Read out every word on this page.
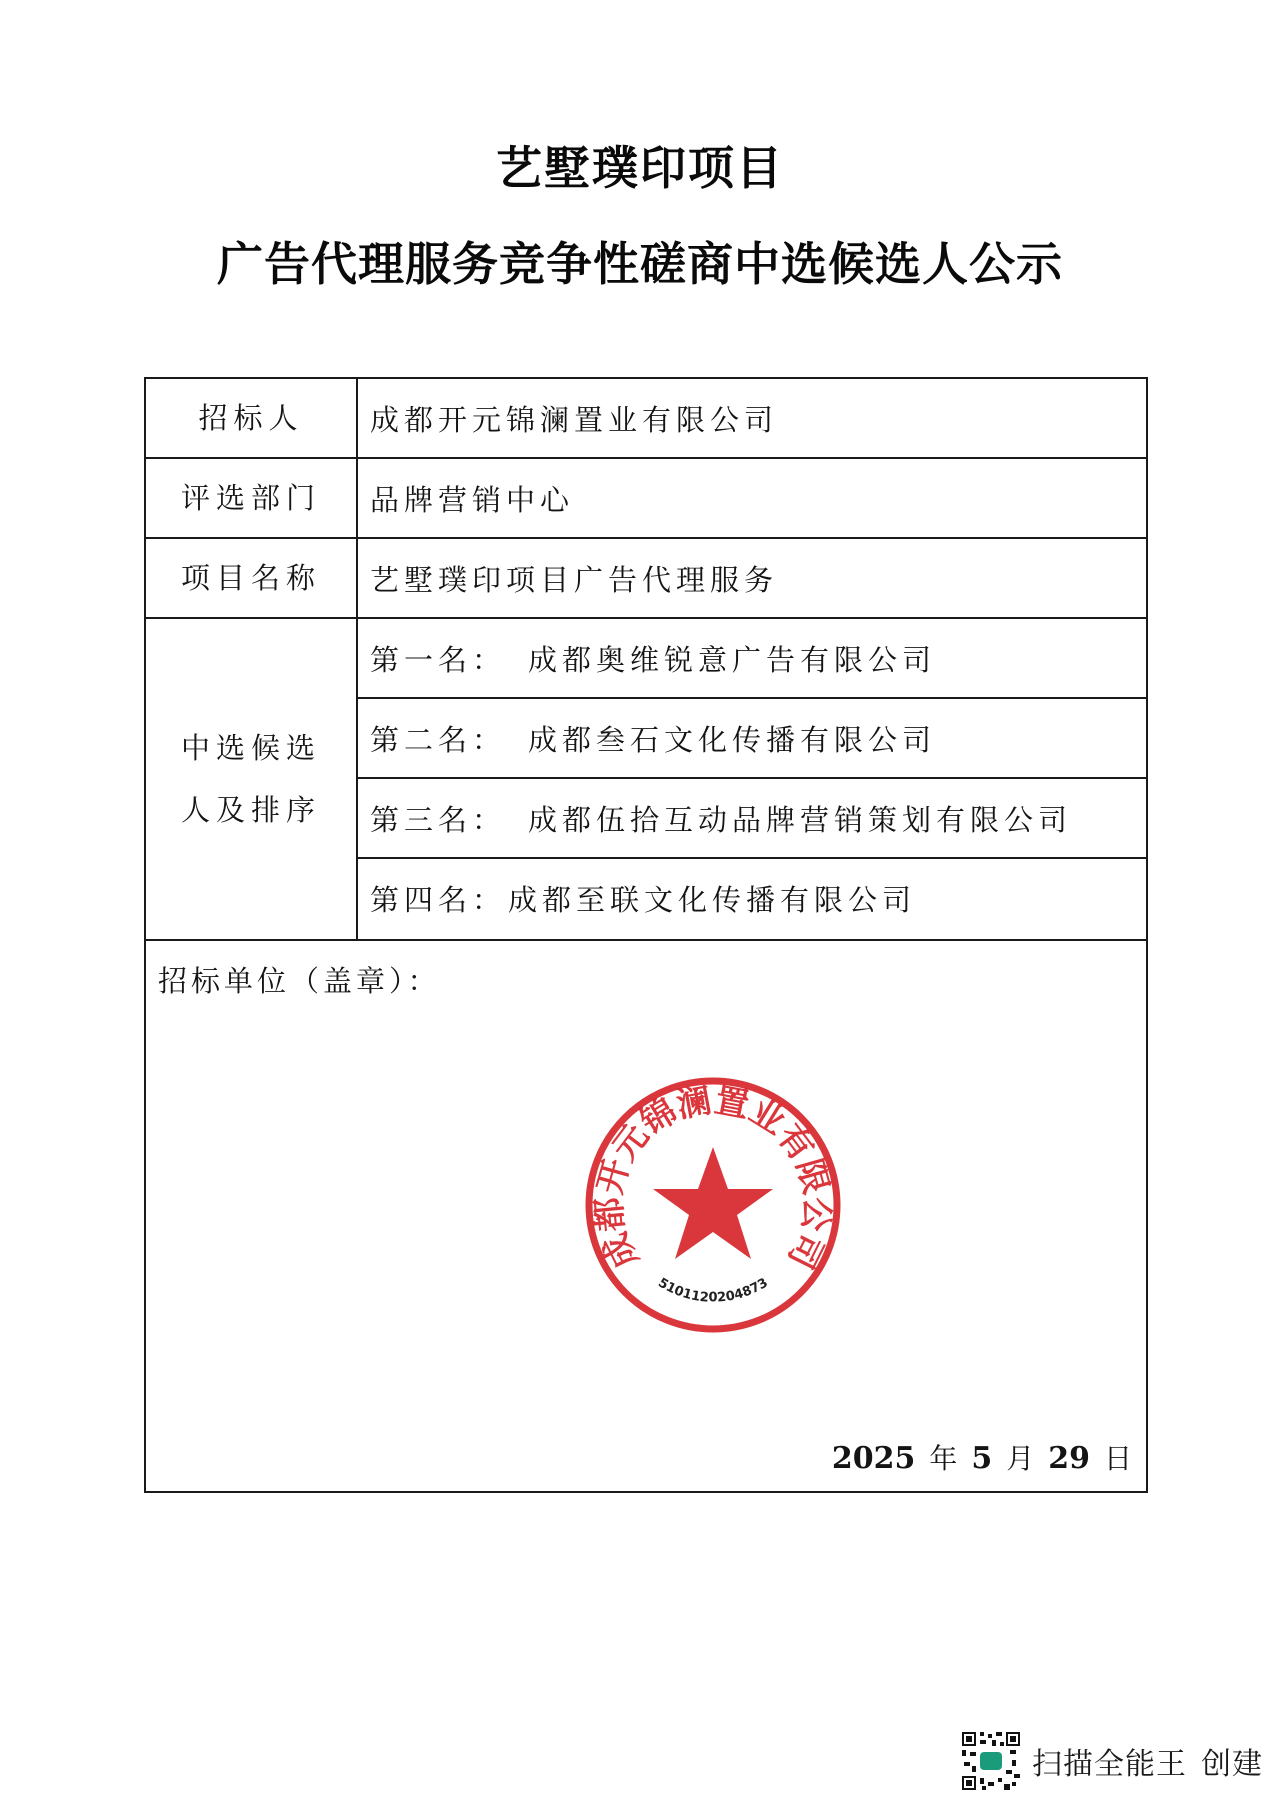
艺墅璞印项目
广告代理服务竞争性磋商中选候选人公示
招标人	成都开元锦澜置业有限公司
评选部门	品牌营销中心
项目名称	艺墅璞印项目广告代理服务
中选候选
人及排序
第一名： 成都奥维锐意广告有限公司
第二名： 成都叁石文化传播有限公司
第三名： 成都伍拾互动品牌营销策划有限公司
第四名： 成都至联文化传播有限公司
招标单位（盖章）：
2025 年 5 月 29 日
成都开元锦澜置业有限公司
5101120204873
扫描全能王 创建
